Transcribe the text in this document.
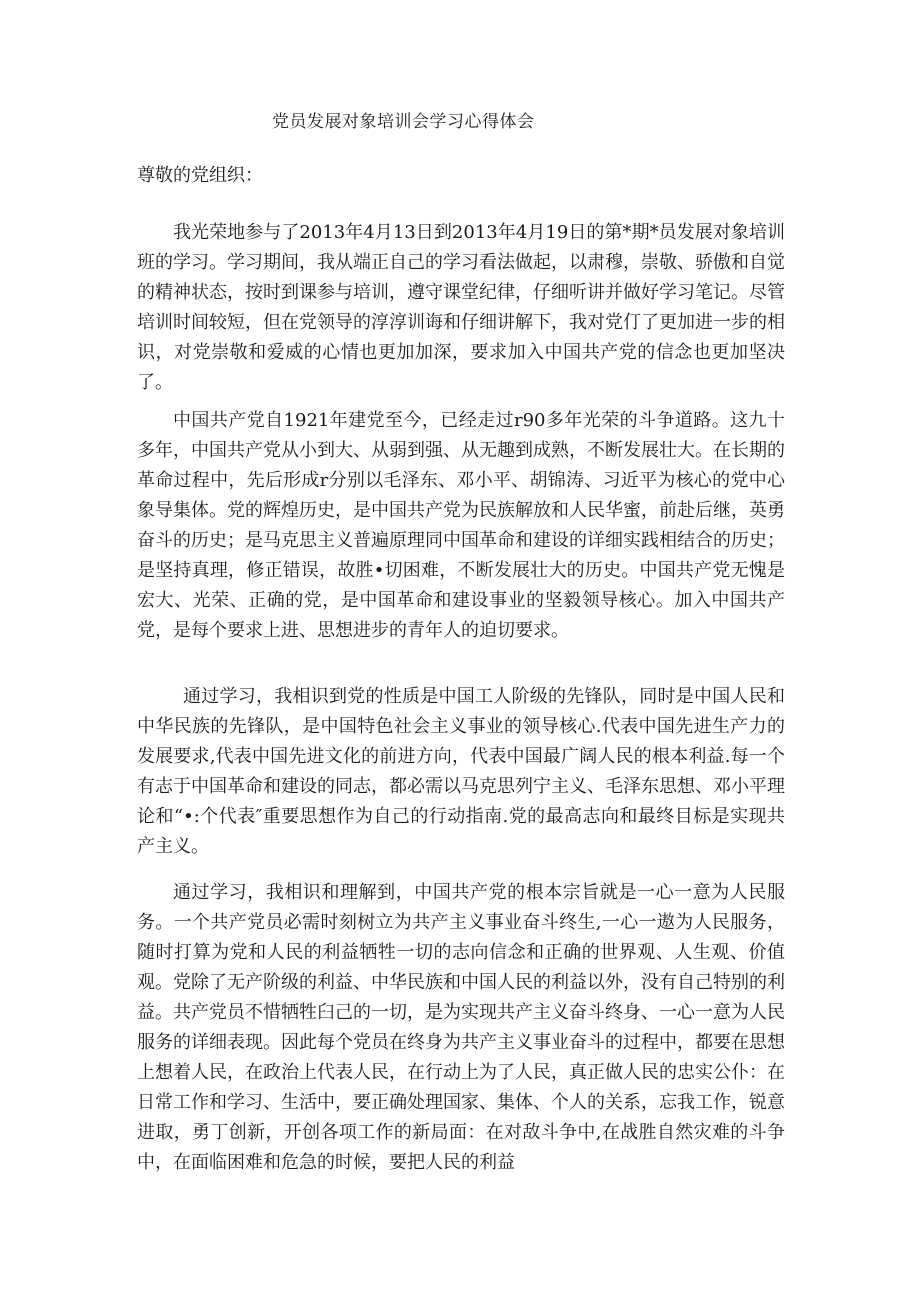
党员发展对象培训会学习心得体会

尊敬的党组织：

我光荣地参与了2013年4月13日到2013年4月19日的第*期*员发展对象培训班的学习。学习期间，我从端正自己的学习看法做起，以肃穆，崇敬、骄傲和自觉的精神状态，按时到课参与培训，遵守课堂纪律，仔细听讲并做好学习笔记。尽管培训时间较短，但在党领导的淳淳训诲和仔细讲解下，我对党仃了更加进一步的相识，对党崇敬和爱威的心情也更加加深，要求加入中国共产党的信念也更加坚决了。

中国共产党自1921年建党至今，已经走过r90多年光荣的斗争道路。这九十多年，中国共产党从小到大、从弱到强、从无趣到成熟，不断发展壮大。在长期的革命过程中，先后形成r分别以毛泽东、邓小平、胡锦涛、习近平为核心的党中心象导集体。党的辉煌历史，是中国共产党为民族解放和人民华蜜，前赴后继，英勇奋斗的历史；是马克思主义普遍原理同中国革命和建设的详细实践相结合的历史；是坚持真理，修正错误，故胜•切困难，不断发展壮大的历史。中国共产党无愧是宏大、光荣、正确的党，是中国革命和建设事业的坚毅领导核心。加入中国共产党，是每个要求上进、思想进步的青年人的迫切要求。

通过学习，我相识到党的性质是中国工人阶级的先锋队，同时是中国人民和中华民族的先锋队，是中国特色社会主义事业的领导核心.代表中国先进生产力的发展要求,代表中国先进文化的前进方向，代表中国最广阔人民的根本利益.每一个有志于中国革命和建设的同志，都必需以马克思列宁主义、毛泽东思想、邓小平理论和“•:个代表″重要思想作为自己的行动指南.党的最高志向和最终目标是实现共产主义。

通过学习，我相识和理解到，中国共产党的根本宗旨就是一心一意为人民服务。一个共产党员必需时刻树立为共产主义事业奋斗终生,一心一遨为人民服务，随时打算为党和人民的利益牺牲一切的志向信念和正确的世界观、人生观、价值观。党除了无产阶级的利益、中华民族和中国人民的利益以外，没有自己特别的利益。共产党员不惜牺牲臼己的一切，是为实现共产主义奋斗终身、一心一意为人民服务的详细表现。因此每个党员在终身为共产主义事业奋斗的过程中，都要在思想上想着人民，在政治上代表人民，在行动上为了人民，真正做人民的忠实公仆：在日常工作和学习、生活中，要正确处理国家、集体、个人的关系，忘我工作，锐意进取，勇丁创新，开创各项工作的新局面：在对敌斗争中,在战胜自然灾难的斗争中，在面临困难和危急的时候，要把人民的利益
